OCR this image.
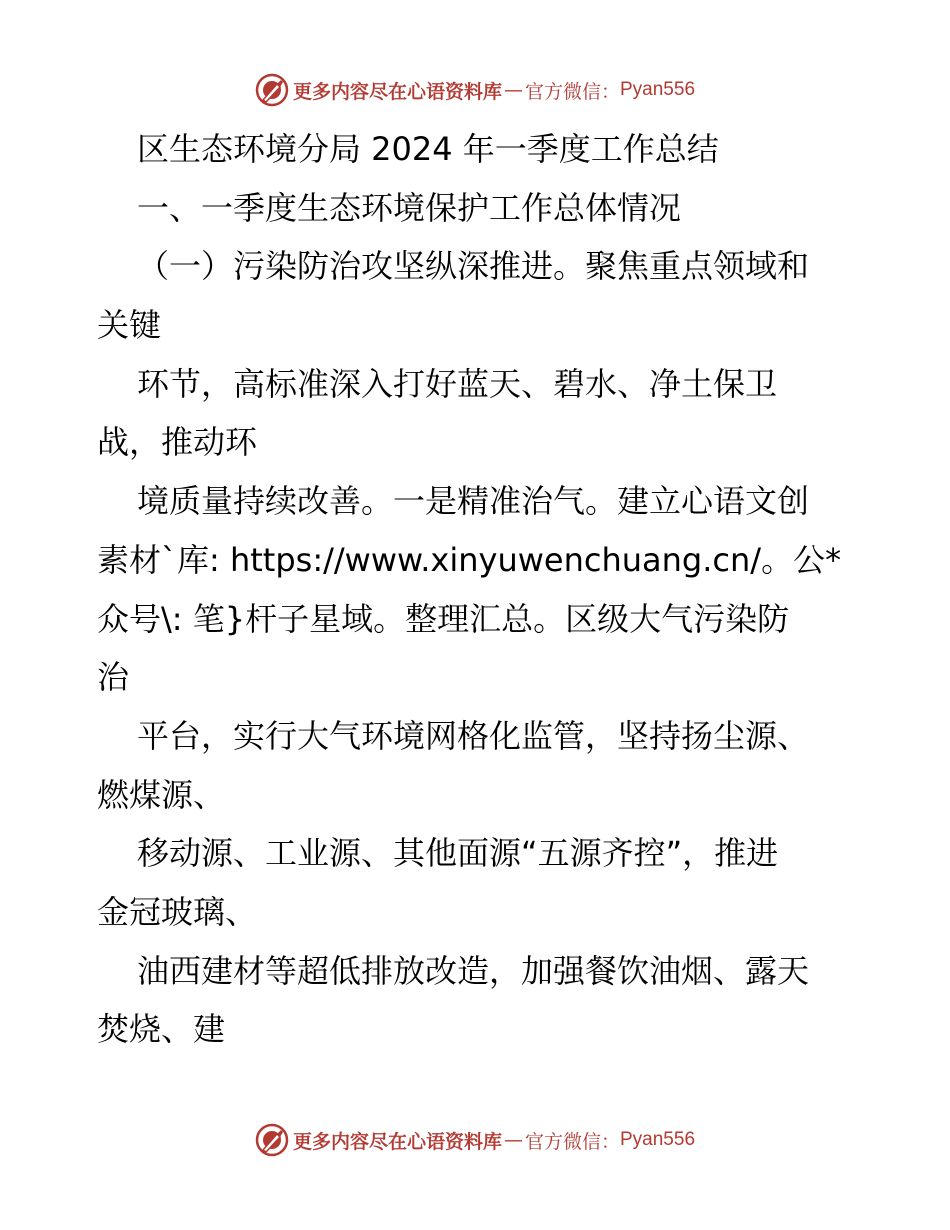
更多内容尽在心语资料库 — 官方微信： Pyan556
区生态环境分局 2024 年一季度工作总结
一、一季度生态环境保护工作总体情况
（一）污染防治攻坚纵深推进。聚焦重点领域和
关键
环节，高标准深入打好蓝天、碧水、净土保卫
战，推动环
境质量持续改善。一是精准治气。建立心语文创
素材`库: https://www.xinyuwenchuang.cn/。公*
众号\: 笔}杆子星域。整理汇总。区级大气污染防
治
平台，实行大气环境网格化监管，坚持扬尘源、
燃煤源、
移动源、工业源、其他面源“五源齐控”，推进
金冠玻璃、
油西建材等超低排放改造，加强餐饮油烟、露天
焚烧、建
更多内容尽在心语资料库 — 官方微信： Pyan556
